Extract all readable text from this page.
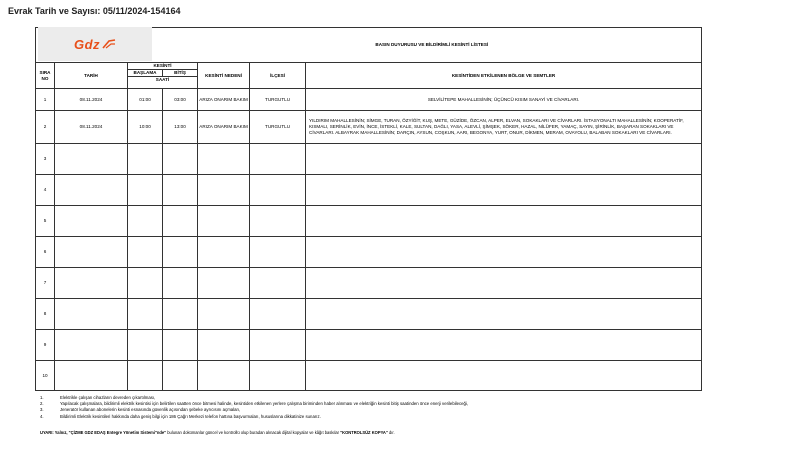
Evrak Tarih ve Sayısı: 05/11/2024-154164
			BASIN DUYURUSU VE BİLDİRİMLİ KESİNTİ LİSTESİ			
SIRA NO	TARİH	KESİNTİ		KESİNTİ NEDENİ	İLÇESİ	KESİNTİDEN ETKİLENEN BÖLGE VE SEMTLER
		BAŞLAMA	BİTİŞ			
		SAATİ				
1	08.11.2024	01:00	03:00	ARIZA ONARIM BAKIM	TURGUTLU	SELVİLİTEPE MAHALLESİNİN; ÜÇÜNCÜ KISIM SANAYİ VE CİVARLARI.
2	08.11.2024	10:00	13:00	ARIZA ONARIM BAKIM	TURGUTLU	YILDIRIM MAHALLESİNİN; SİMGE, TURAN, ÖZYİĞİT, KUŞ, METE, GÜZİDE, ÖZCAN, ALPER, ELVAN, SOKAKLARI VE CİVARLARI. İSTASYONALTI MAHALLESİNİN; KOOPERATİF, KISMALI, SERİNLİK, EVİN, İNCE, İSTEKLİ, KALE, SULTAN, DAĞLI, YASA, ALEVLİ, ŞİMŞEK, SÖKER, HAZAL, NİLÜFER, YAMAÇ, SAYIN, ŞİRİNLİK, BAŞARAN SOKAKLARI VE CİVARLARI. ALBAYRAK MAHALLESİNİN; DARÇIN, AYSUN, COŞKUN, AARI, BEGONYA, YURT, ONUR, DİKMEN, MERAM, OVAYOLU, BALABAN SOKAKLARI VE CİVARLARI.
3						
4						
5						
6						
7						
8						
9						
10						
Gdz
1.	Elektrikle çalışan cihazların devreden çıkartılması,
2.	Yapılacak çalışmalara, bildirimli elektrik kesintisi için belirtilen saatten önce bitmesi halinde, kesintiden etkilenen yerlere çalışma biriminden haber alınması ve elektriğin kesinti bitiş saatinden önce enerji verilebileceği,
3.	Jeneratör kullanan abonelerin kesinti esnasında güvenlik açısından şebeke ayrıcısını açmaları,
4.	Bildirimli Elektrik kesintileri hakkında daha geniş bilgi için 186 Çağrı Merkezi telefon hattına başvurmaları, hususlarına dikkatinize sunarız.
UYARI: Yalnız, "ÇİZME GDZ EDAŞ Entegre Yönetim Sistemi"nde" bulunan dokümanlar güncel ve kontrollü olup buradan alınacak dijital kopyalar ve kâğıt baskılar "KONTROLSÜZ KOPYA" dır.
